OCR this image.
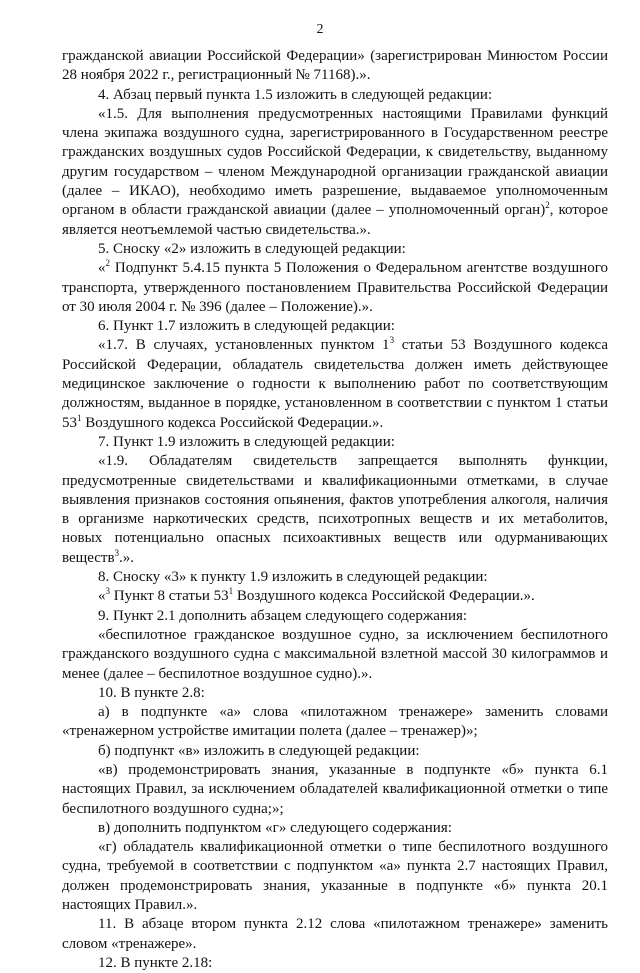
2

гражданской авиации Российской Федерации» (зарегистрирован Минюстом России 28 ноября 2022 г., регистрационный № 71168).».

4. Абзац первый пункта 1.5 изложить в следующей редакции:

«1.5. Для выполнения предусмотренных настоящими Правилами функций члена экипажа воздушного судна, зарегистрированного в Государственном реестре гражданских воздушных судов Российской Федерации, к свидетельству, выданному другим государством – членом Международной организации гражданской авиации (далее – ИКАО), необходимо иметь разрешение, выдаваемое уполномоченным органом в области гражданской авиации (далее – уполномоченный орган)$^2$, которое является неотъемлемой частью свидетельства.».

5. Сноску «2» изложить в следующей редакции:

«$^2$ Подпункт 5.4.15 пункта 5 Положения о Федеральном агентстве воздушного транспорта, утвержденного постановлением Правительства Российской Федерации от 30 июля 2004 г. № 396 (далее – Положение).».

6. Пункт 1.7 изложить в следующей редакции:

«1.7. В случаях, установленных пунктом $1^3$ статьи 53 Воздушного кодекса Российской Федерации, обладатель свидетельства должен иметь действующее медицинское заключение о годности к выполнению работ по соответствующим должностям, выданное в порядке, установленном в соответствии с пунктом 1 статьи $53^1$ Воздушного кодекса Российской Федерации.».

7. Пункт 1.9 изложить в следующей редакции:

«1.9. Обладателям свидетельств запрещается выполнять функции, предусмотренные свидетельствами и квалификационными отметками, в случае выявления признаков состояния опьянения, фактов употребления алкоголя, наличия в организме наркотических средств, психотропных веществ и их метаболитов, новых потенциально опасных психоактивных веществ или одурманивающих веществ$^3$.».

8. Сноску «3» к пункту 1.9 изложить в следующей редакции:

«$^3$ Пункт 8 статьи $53^1$ Воздушного кодекса Российской Федерации.».

9. Пункт 2.1 дополнить абзацем следующего содержания:

«беспилотное гражданское воздушное судно, за исключением беспилотного гражданского воздушного судна с максимальной взлетной массой 30 килограммов и менее (далее – беспилотное воздушное судно).».

10. В пункте 2.8:

а) в подпункте «а» слова «пилотажном тренажере» заменить словами «тренажерном устройстве имитации полета (далее – тренажер)»;

б) подпункт «в» изложить в следующей редакции:

«в) продемонстрировать знания, указанные в подпункте «б» пункта 6.1 настоящих Правил, за исключением обладателей квалификационной отметки о типе беспилотного воздушного судна;»;

в) дополнить подпунктом «г» следующего содержания:

«г) обладатель квалификационной отметки о типе беспилотного воздушного судна, требуемой в соответствии с подпунктом «а» пункта 2.7 настоящих Правил, должен продемонстрировать знания, указанные в подпункте «б» пункта 20.1 настоящих Правил.».

11. В абзаце втором пункта 2.12 слова «пилотажном тренажере» заменить словом «тренажере».

12. В пункте 2.18:
